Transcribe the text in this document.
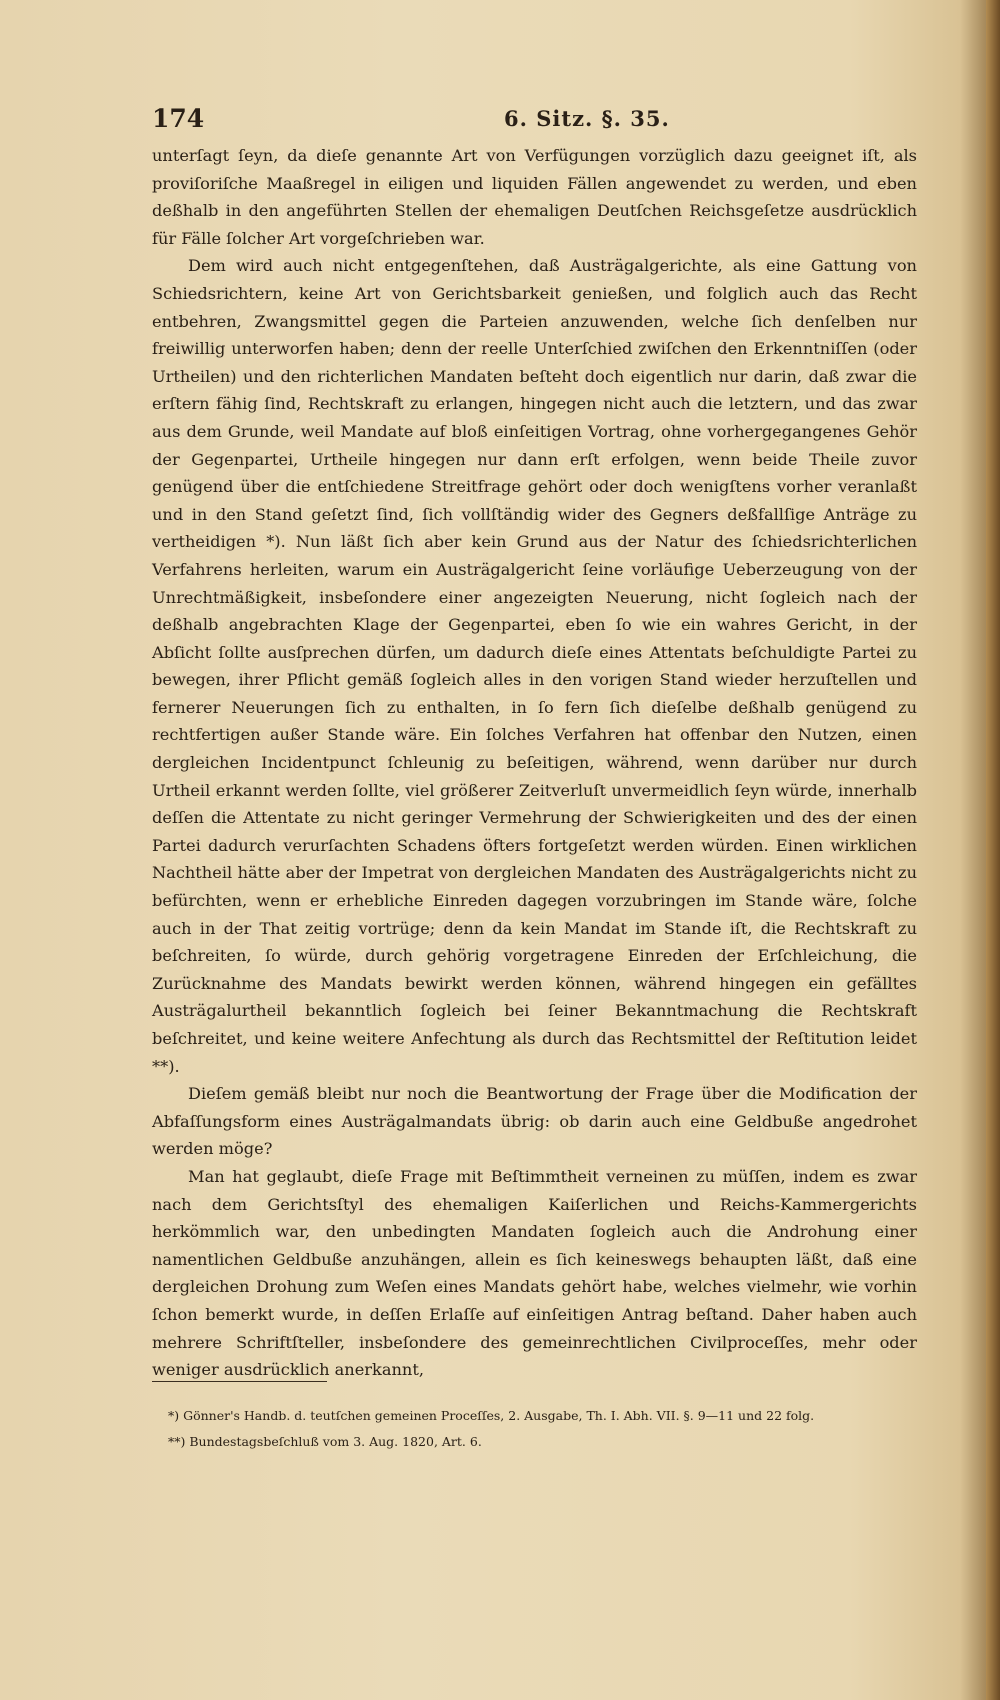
174	6. Sitz. §. 35.

unterſagt ſeyn, da dieſe genannte Art von Verfügungen vorzüglich dazu geeignet iſt, als proviſoriſche Maaßregel in eiligen und liquiden Fällen angewendet zu werden, und eben deßhalb in den angeführten Stellen der ehemaligen Deutſchen Reichsgeſetze ausdrücklich für Fälle ſolcher Art vorgeſchrieben war.

Dem wird auch nicht entgegenſtehen, daß Austrägalgerichte, als eine Gattung von Schiedsrichtern, keine Art von Gerichtsbarkeit genießen, und folglich auch das Recht entbehren, Zwangsmittel gegen die Parteien anzuwenden, welche ſich denſelben nur freiwillig unterworfen haben; denn der reelle Unterſchied zwiſchen den Erkenntniſſen (oder Urtheilen) und den richterlichen Mandaten beſteht doch eigentlich nur darin, daß zwar die erſtern fähig ſind, Rechtskraft zu erlangen, hingegen nicht auch die letztern, und das zwar aus dem Grunde, weil Mandate auf bloß einſeitigen Vortrag, ohne vorhergegangenes Gehör der Gegenpartei, Urtheile hingegen nur dann erſt erfolgen, wenn beide Theile zuvor genügend über die entſchiedene Streitfrage gehört oder doch wenigſtens vorher veranlaßt und in den Stand geſetzt ſind, ſich vollſtändig wider des Gegners deßfallſige Anträge zu vertheidigen *). Nun läßt ſich aber kein Grund aus der Natur des ſchiedsrichterlichen Verfahrens herleiten, warum ein Austrägalgericht ſeine vorläufige Ueberzeugung von der Unrechtmäßigkeit, insbeſondere einer angezeigten Neuerung, nicht ſogleich nach der deßhalb angebrachten Klage der Gegenpartei, eben ſo wie ein wahres Gericht, in der Abſicht ſollte ausſprechen dürfen, um dadurch dieſe eines Attentats beſchuldigte Partei zu bewegen, ihrer Pflicht gemäß ſogleich alles in den vorigen Stand wieder herzuſtellen und fernerer Neuerungen ſich zu enthalten, in ſo fern ſich dieſelbe deßhalb genügend zu rechtfertigen außer Stande wäre. Ein ſolches Verfahren hat offenbar den Nutzen, einen dergleichen Incidentpunct ſchleunig zu beſeitigen, während, wenn darüber nur durch Urtheil erkannt werden ſollte, viel größerer Zeitverluſt unvermeidlich ſeyn würde, innerhalb deſſen die Attentate zu nicht geringer Vermehrung der Schwierigkeiten und des der einen Partei dadurch verurſachten Schadens öfters fortgeſetzt werden würden. Einen wirklichen Nachtheil hätte aber der Impetrat von dergleichen Mandaten des Austrägalgerichts nicht zu befürchten, wenn er erhebliche Einreden dagegen vorzubringen im Stande wäre, ſolche auch in der That zeitig vortrüge; denn da kein Mandat im Stande iſt, die Rechtskraft zu beſchreiten, ſo würde, durch gehörig vorgetragene Einreden der Erſchleichung, die Zurücknahme des Mandats bewirkt werden können, während hingegen ein gefälltes Austrägalurtheil bekanntlich ſogleich bei ſeiner Bekanntmachung die Rechtskraft beſchreitet, und keine weitere Anfechtung als durch das Rechtsmittel der Reſtitution leidet **).

Dieſem gemäß bleibt nur noch die Beantwortung der Frage über die Modification der Abfaſſungsform eines Austrägalmandats übrig: ob darin auch eine Geldbuße angedrohet werden möge?

Man hat geglaubt, dieſe Frage mit Beſtimmtheit verneinen zu müſſen, indem es zwar nach dem Gerichtsſtyl des ehemaligen Kaiſerlichen und Reichs-Kammergerichts herkömmlich war, den unbedingten Mandaten ſogleich auch die Androhung einer namentlichen Geldbuße anzuhängen, allein es ſich keineswegs behaupten läßt, daß eine dergleichen Drohung zum Weſen eines Mandats gehört habe, welches vielmehr, wie vorhin ſchon bemerkt wurde, in deſſen Erlaſſe auf einſeitigen Antrag beſtand. Daher haben auch mehrere Schriftſteller, insbeſondere des gemeinrechtlichen Civilproceſſes, mehr oder weniger ausdrücklich anerkannt,

*) Gönner's Handb. d. teutſchen gemeinen Proceſſes, 2. Ausgabe, Th. I. Abh. VII. §. 9—11 und 22 folg.
**) Bundestagsbeſchluß vom 3. Aug. 1820, Art. 6.
